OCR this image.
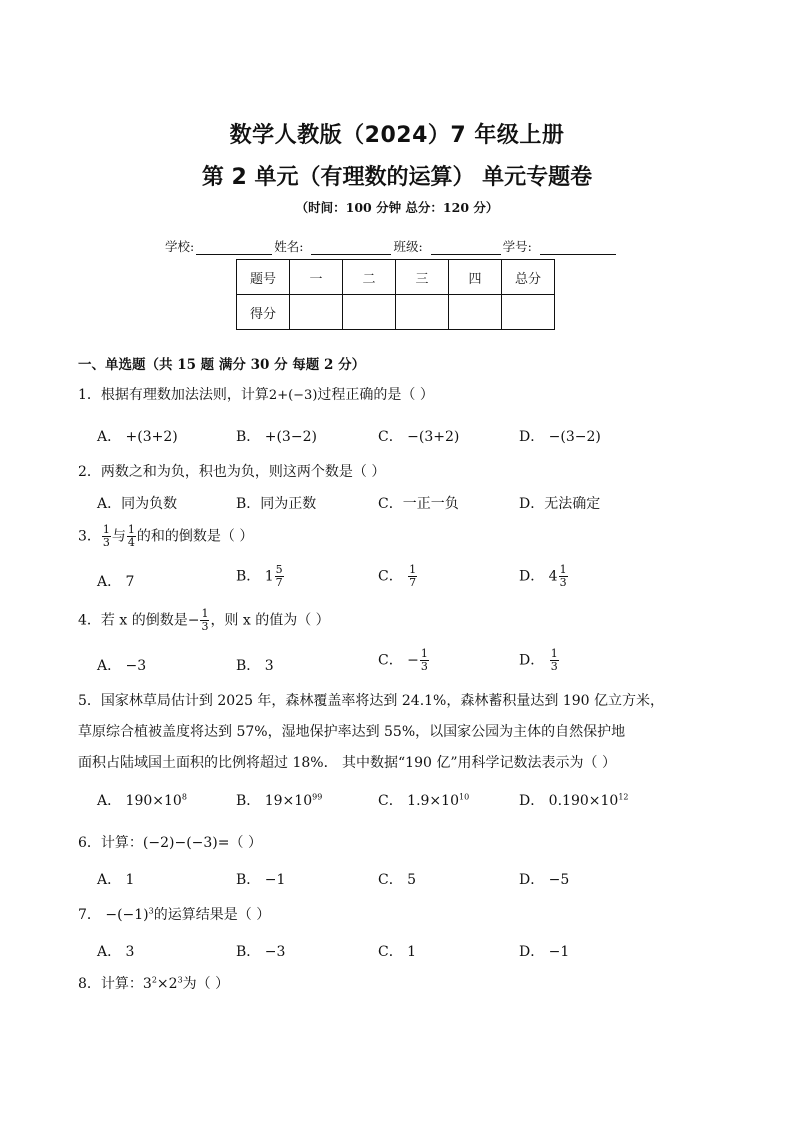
数学人教版（2024）7 年级上册
第 2 单元（有理数的运算） 单元专题卷
（时间：100 分钟 总分：120 分）
学校:	姓名:	班级:	学号:
题号	一	二	三	四	总分
得分					
一、单选题（共 15 题 满分 30 分 每题 2 分）
1．根据有理数加法法则，计算2+(−3)过程正确的是（ ）
A． +(3+2)	B． +(3−2)	C． −(3+2)	D． −(3−2)
2．两数之和为负，积也为负，则这两个数是（ ）
A．同为负数	B．同为正数	C．一正一负	D．无法确定
3． $\frac{1}{3}$ 与 $\frac{1}{4}$ 的和的倒数是（ ）
A． 7	B． $1 \frac{5}{7}$	C． $\frac{1}{7}$	D． $4 \frac{1}{3}$
4．若 x 的倒数是− $\frac{1}{3}$ ，则 x 的值为（ ）
A． −3	B． 3	C． − $\frac{1}{3}$	D． $\frac{1}{3}$
5．国家林草局估计到 2025 年，森林覆盖率将达到 24.1%，森林蓄积量达到 190 亿立方米，
草原综合植被盖度将达到 57%，湿地保护率达到 55%，以国家公园为主体的自然保护地
面积占陆域国土面积的比例将超过 18%． 其中数据“190 亿”用科学记数法表示为（ ）
A． $190\times 10^8$	B． $19\times 10^{99}$	C． $1.9\times 10^{10}$	D． $0.190\times 10^{12}$
6．计算：(−2)−(−3)=（ ）
A． 1	B． −1	C． 5	D． −5
7． $-(-1)^3$的运算结果是（ ）
A． 3	B． −3	C． 1	D． −1
8．计算：$3^2\times 2^3$为（ ）
